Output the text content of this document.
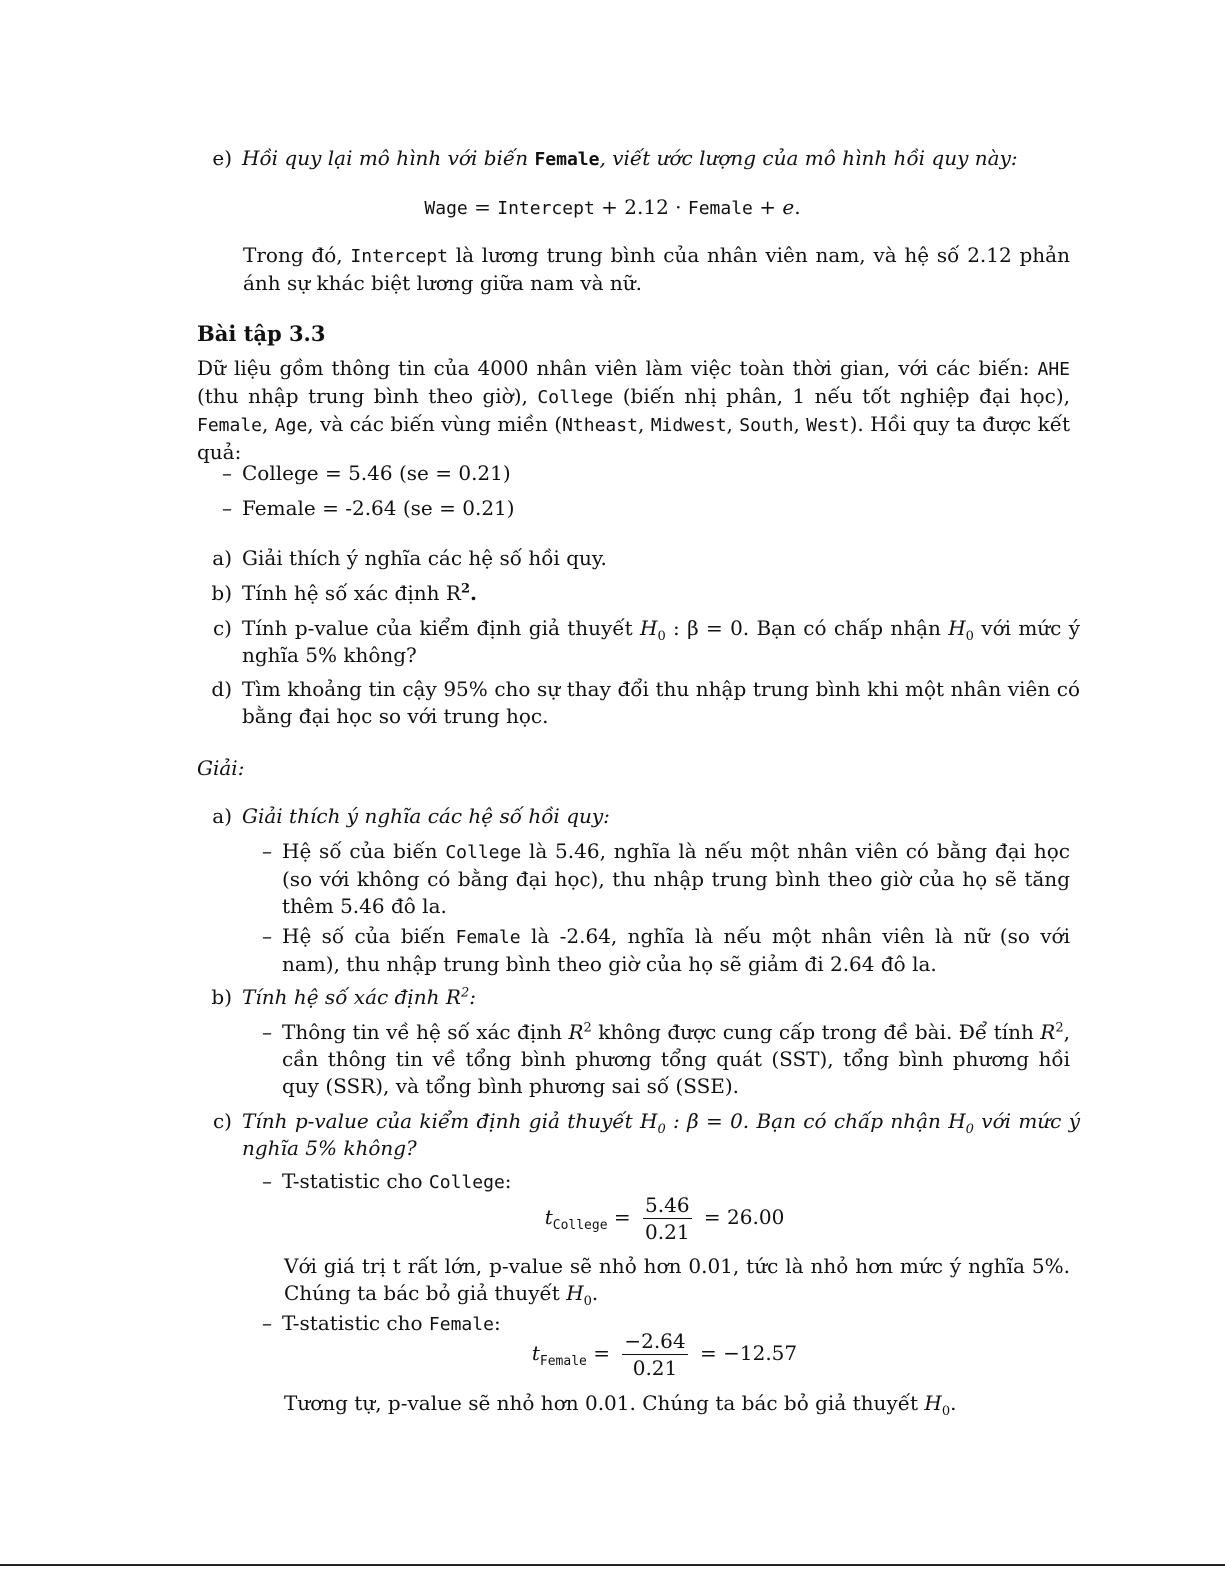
e) Hồi quy lại mô hình với biến Female, viết ước lượng của mô hình hồi quy này:
Wage = Intercept + 2.12 · Female + e.
Trong đó, Intercept là lương trung bình của nhân viên nam, và hệ số 2.12 phản ánh sự khác biệt lương giữa nam và nữ.
Bài tập 3.3
Dữ liệu gồm thông tin của 4000 nhân viên làm việc toàn thời gian, với các biến: AHE (thu nhập trung bình theo giờ), College (biến nhị phân, 1 nếu tốt nghiệp đại học), Female, Age, và các biến vùng miền (Ntheast, Midwest, South, West). Hồi quy ta được kết quả:
– College = 5.46 (se = 0.21)
– Female = -2.64 (se = 0.21)
a) Giải thích ý nghĩa các hệ số hồi quy.
b) Tính hệ số xác định $R^2$.
c) Tính p-value của kiểm định giả thuyết $H_0$ : β = 0. Bạn có chấp nhận $H_0$ với mức ý nghĩa 5% không?
d) Tìm khoảng tin cậy 95% cho sự thay đổi thu nhập trung bình khi một nhân viên có bằng đại học so với trung học.
Giải:
a) Giải thích ý nghĩa các hệ số hồi quy:
– Hệ số của biến College là 5.46, nghĩa là nếu một nhân viên có bằng đại học (so với không có bằng đại học), thu nhập trung bình theo giờ của họ sẽ tăng thêm 5.46 đô la.
– Hệ số của biến Female là -2.64, nghĩa là nếu một nhân viên là nữ (so với nam), thu nhập trung bình theo giờ của họ sẽ giảm đi 2.64 đô la.
b) Tính hệ số xác định $R^2$:
– Thông tin về hệ số xác định $R^2$ không được cung cấp trong đề bài. Để tính $R^2$, cần thông tin về tổng bình phương tổng quát (SST), tổng bình phương hồi quy (SSR), và tổng bình phương sai số (SSE).
c) Tính p-value của kiểm định giả thuyết $H_0$ : β = 0. Bạn có chấp nhận $H_0$ với mức ý nghĩa 5% không?
– T-statistic cho College:
$t_{College} = \frac{5.46}{0.21} = 26.00$
Với giá trị t rất lớn, p-value sẽ nhỏ hơn 0.01, tức là nhỏ hơn mức ý nghĩa 5%. Chúng ta bác bỏ giả thuyết $H_0$.
– T-statistic cho Female:
$t_{Female} = \frac{-2.64}{0.21} = -12.57$
Tương tự, p-value sẽ nhỏ hơn 0.01. Chúng ta bác bỏ giả thuyết $H_0$.
